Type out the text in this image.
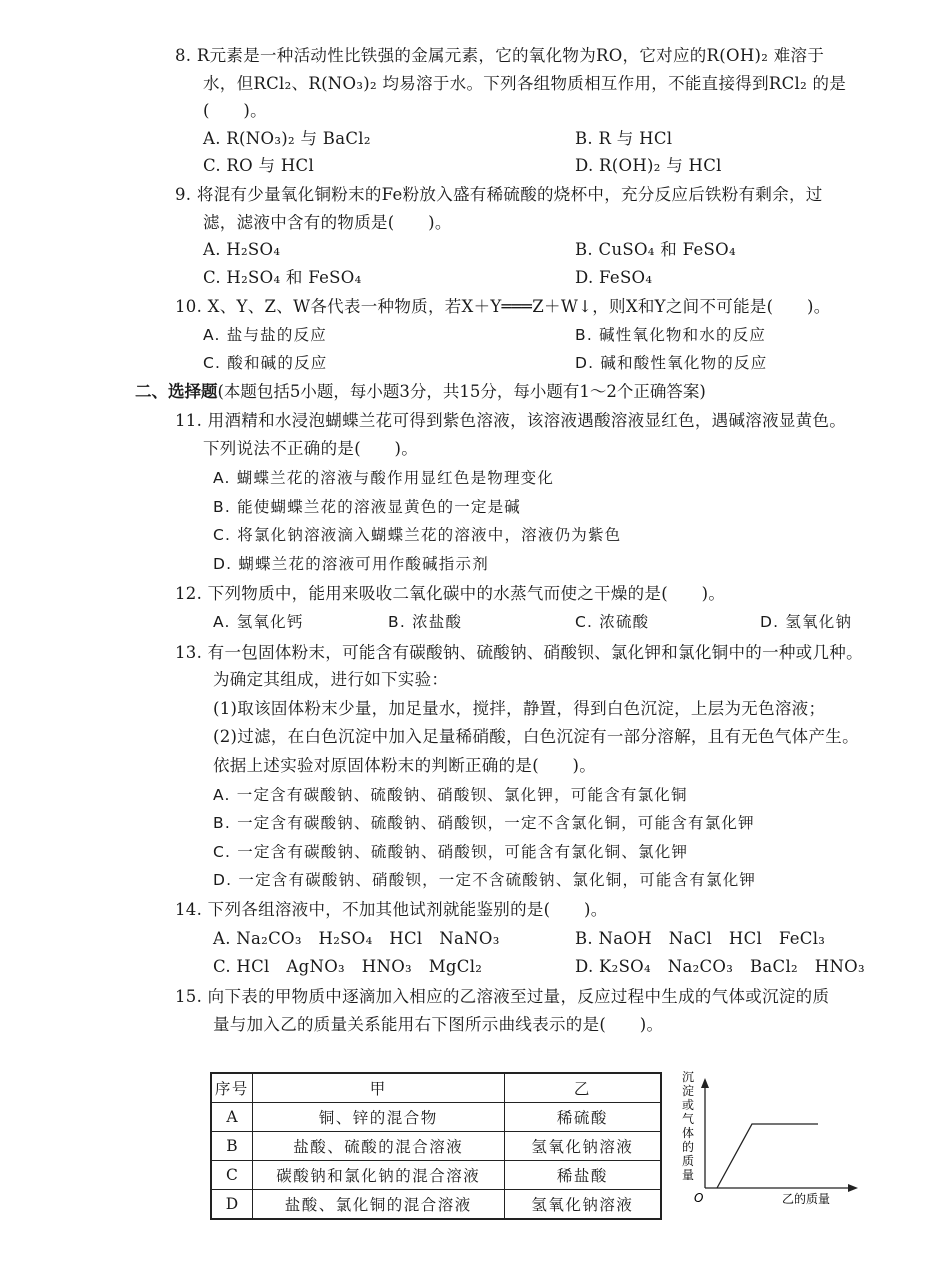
8. R元素是一种活动性比铁强的金属元素，它的氧化物为RO，它对应的R(OH)₂ 难溶于
水，但RCl₂、R(NO₃)₂ 均易溶于水。下列各组物质相互作用，不能直接得到RCl₂ 的是
(　　)。
A. R(NO₃)₂ 与 BaCl₂	B. R 与 HCl
C. RO 与 HCl	D. R(OH)₂ 与 HCl
9. 将混有少量氧化铜粉末的Fe粉放入盛有稀硫酸的烧杯中，充分反应后铁粉有剩余，过
滤，滤液中含有的物质是(　　)。
A. H₂SO₄	B. CuSO₄ 和 FeSO₄
C. H₂SO₄ 和 FeSO₄	D. FeSO₄
10. X、Y、Z、W各代表一种物质，若X＋Y═══Z＋W↓，则X和Y之间不可能是(　　)。
A. 盐与盐的反应	B. 碱性氧化物和水的反应
C. 酸和碱的反应	D. 碱和酸性氧化物的反应
二、选择题(本题包括5小题，每小题3分，共15分，每小题有1～2个正确答案)
11. 用酒精和水浸泡蝴蝶兰花可得到紫色溶液，该溶液遇酸溶液显红色，遇碱溶液显黄色。
下列说法不正确的是(　　)。
A. 蝴蝶兰花的溶液与酸作用显红色是物理变化
B. 能使蝴蝶兰花的溶液显黄色的一定是碱
C. 将氯化钠溶液滴入蝴蝶兰花的溶液中，溶液仍为紫色
D. 蝴蝶兰花的溶液可用作酸碱指示剂
12. 下列物质中，能用来吸收二氧化碳中的水蒸气而使之干燥的是(　　)。
A. 氢氧化钙	B. 浓盐酸	C. 浓硫酸	D. 氢氧化钠
13. 有一包固体粉末，可能含有碳酸钠、硫酸钠、硝酸钡、氯化钾和氯化铜中的一种或几种。
为确定其组成，进行如下实验：
(1)取该固体粉末少量，加足量水，搅拌，静置，得到白色沉淀，上层为无色溶液；
(2)过滤，在白色沉淀中加入足量稀硝酸，白色沉淀有一部分溶解，且有无色气体产生。
依据上述实验对原固体粉末的判断正确的是(　　)。
A. 一定含有碳酸钠、硫酸钠、硝酸钡、氯化钾，可能含有氯化铜
B. 一定含有碳酸钠、硫酸钠、硝酸钡，一定不含氯化铜，可能含有氯化钾
C. 一定含有碳酸钠、硫酸钠、硝酸钡，可能含有氯化铜、氯化钾
D. 一定含有碳酸钠、硝酸钡，一定不含硫酸钠、氯化铜，可能含有氯化钾
14. 下列各组溶液中，不加其他试剂就能鉴别的是(　　)。
A. Na₂CO₃　H₂SO₄　HCl　NaNO₃	B. NaOH　NaCl　HCl　FeCl₃
C. HCl　AgNO₃　HNO₃　MgCl₂	D. K₂SO₄　Na₂CO₃　BaCl₂　HNO₃
15. 向下表的甲物质中逐滴加入相应的乙溶液至过量，反应过程中生成的气体或沉淀的质
量与加入乙的质量关系能用右下图所示曲线表示的是(　　)。
序号	甲	乙
A	铜、锌的混合物	稀硫酸
B	盐酸、硫酸的混合溶液	氢氧化钠溶液
C	碳酸钠和氯化钠的混合溶液	稀盐酸
D	盐酸、氯化铜的混合溶液	氢氧化钠溶液
沉
淀
或
气
体
的
质
量
O	乙的质量
